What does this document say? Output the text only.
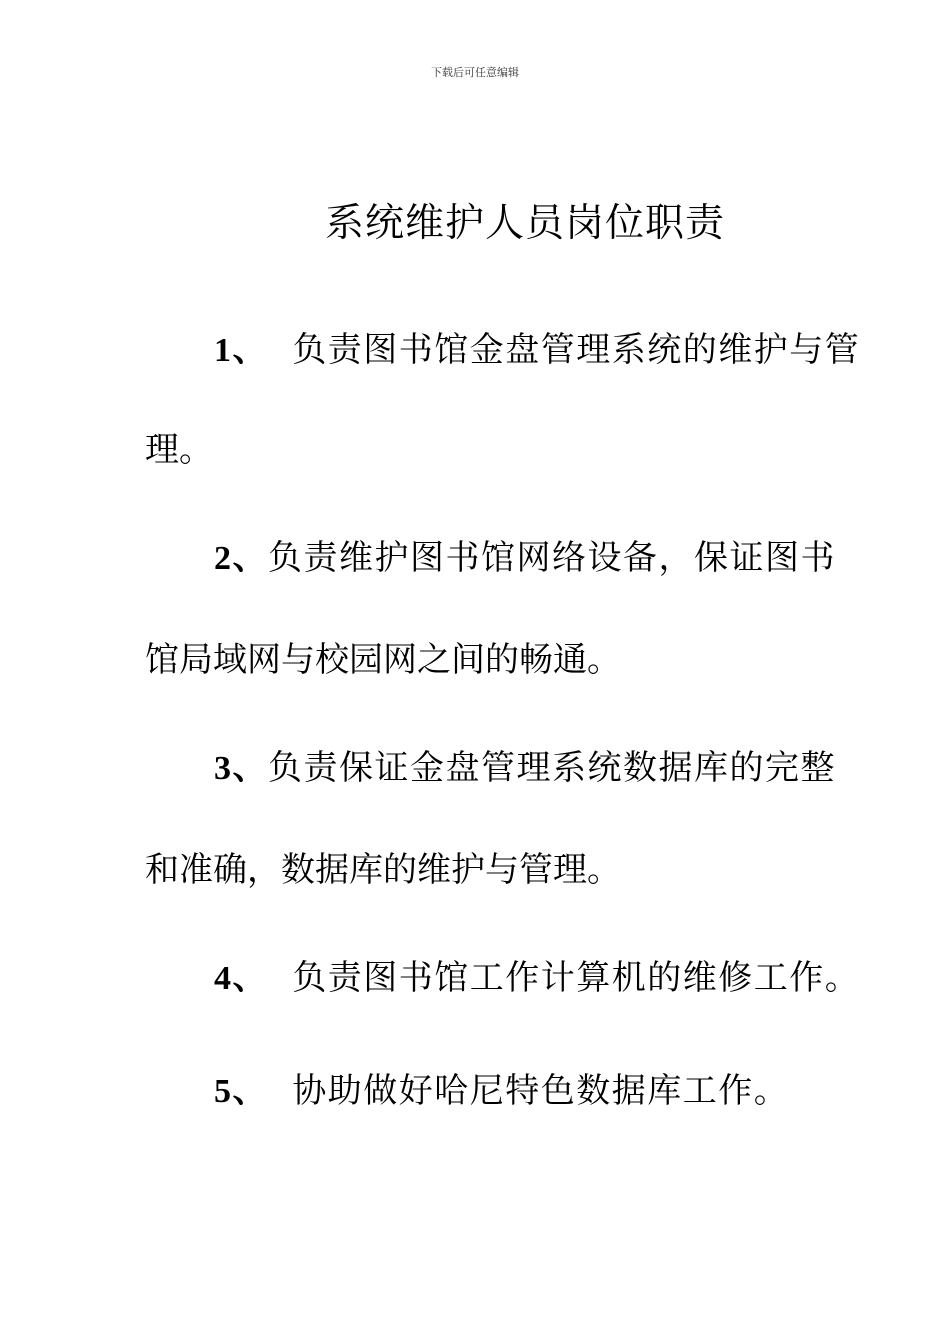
下载后可任意编辑
系统维护人员岗位职责
1、 负责图书馆金盘管理系统的维护与管
理。
2、负责维护图书馆网络设备，保证图书
馆局域网与校园网之间的畅通。
3、负责保证金盘管理系统数据库的完整
和准确，数据库的维护与管理。
4、 负责图书馆工作计算机的维修工作。
5、 协助做好哈尼特色数据库工作。
